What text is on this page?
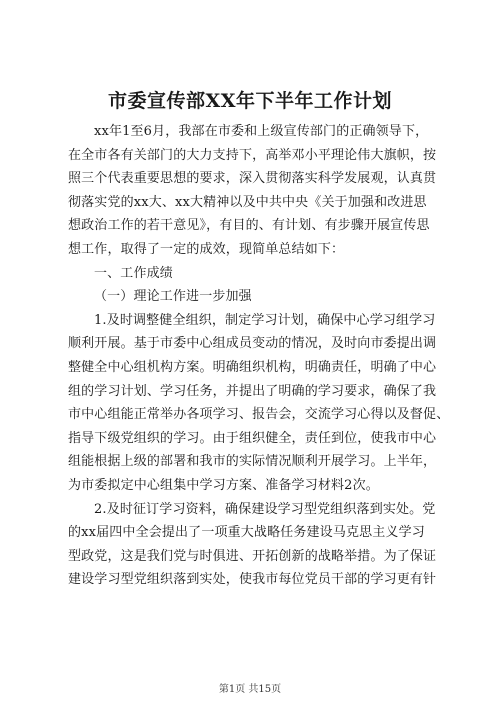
市委宣传部XX年下半年工作计划
xx年1至6月，我部在市委和上级宣传部门的正确领导下，
在全市各有关部门的大力支持下，高举邓小平理论伟大旗帜，按
照三个代表重要思想的要求，深入贯彻落实科学发展观，认真贯
彻落实党的xx大、xx大精神以及中共中央《关于加强和改进思
想政治工作的若干意见》，有目的、有计划、有步骤开展宣传思
想工作，取得了一定的成效，现简单总结如下：
一、工作成绩
（一）理论工作进一步加强
1.及时调整健全组织，制定学习计划，确保中心学习组学习
顺利开展。基于市委中心组成员变动的情况，及时向市委提出调
整健全中心组机构方案。明确组织机构，明确责任，明确了中心
组的学习计划、学习任务，并提出了明确的学习要求，确保了我
市中心组能正常举办各项学习、报告会，交流学习心得以及督促、
指导下级党组织的学习。由于组织健全，责任到位，使我市中心
组能根据上级的部署和我市的实际情况顺利开展学习。上半年，
为市委拟定中心组集中学习方案、准备学习材料2次。
2.及时征订学习资料，确保建设学习型党组织落到实处。党
的xx届四中全会提出了一项重大战略任务建设马克思主义学习
型政党，这是我们党与时俱进、开拓创新的战略举措。为了保证
建设学习型党组织落到实处，使我市每位党员干部的学习更有针
第1页 共15页
